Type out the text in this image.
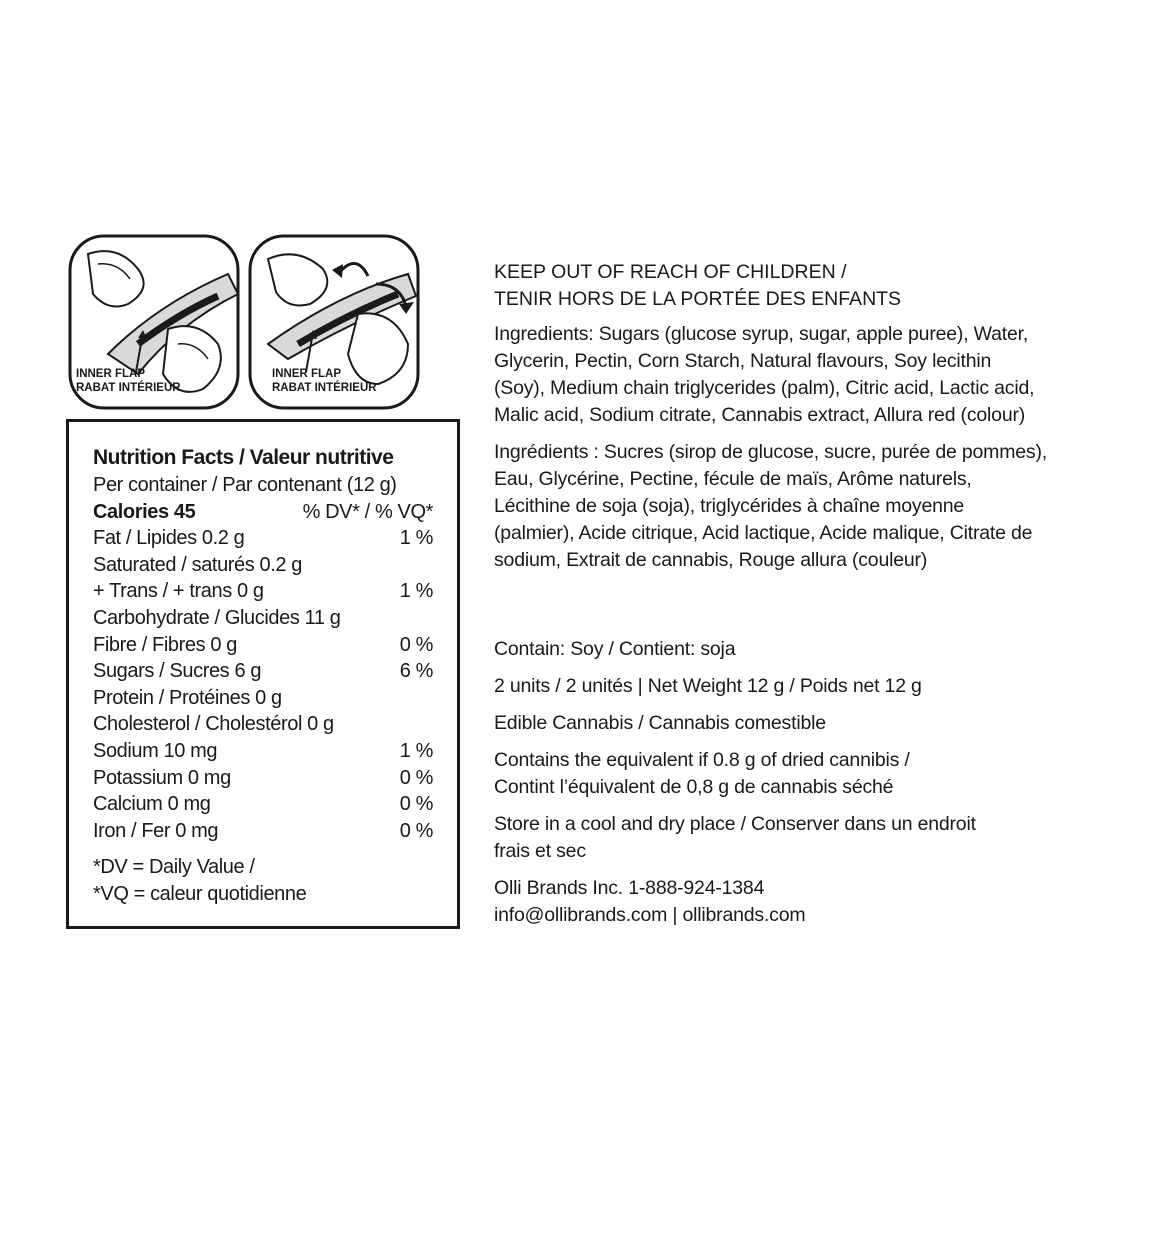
INNER FLAP
RABAT INTÉRIEUR
INNER FLAP
RABAT INTÉRIEUR
Nutrition Facts / Valeur nutritive
Per container / Par contenant (12 g)
Calories 45	% DV* / % VQ*
Fat / Lipides 0.2 g	1 %
Saturated / saturés 0.2 g
+ Trans / + trans 0 g	1 %
Carbohydrate / Glucides 11 g
Fibre / Fibres 0 g	0 %
Sugars / Sucres 6 g	6 %
Protein / Protéines 0 g
Cholesterol / Cholestérol 0 g
Sodium 10 mg	1 %
Potassium 0 mg	0 %
Calcium 0 mg	0 %
Iron / Fer 0 mg	0 %
*DV = Daily Value /
*VQ = caleur quotidienne

KEEP OUT OF REACH OF CHILDREN /

TENIR HORS DE LA PORTÉE DES ENFANTS

Ingredients: Sugars (glucose syrup, sugar, apple puree), Water,

Glycerin, Pectin, Corn Starch, Natural flavours, Soy lecithin

(Soy), Medium chain triglycerides (palm), Citric acid, Lactic acid,

Malic acid, Sodium citrate, Cannabis extract, Allura red (colour)

Ingrédients : Sucres (sirop de glucose, sucre, purée de pommes),

Eau, Glycérine, Pectine, fécule de maïs, Arôme naturels,

Lécithine de soja (soja), triglycérides à chaîne moyenne

(palmier), Acide citrique, Acid lactique, Acide malique, Citrate de

sodium, Extrait de cannabis, Rouge allura (couleur)

Contain: Soy / Contient: soja

2 units / 2 unités | Net Weight 12 g / Poids net 12 g

Edible Cannabis / Cannabis comestible

Contains the equivalent if 0.8 g of dried cannibis /

Contint l’équivalent de 0,8 g de cannabis séché

Store in a cool and dry place / Conserver dans un endroit

frais et sec

Olli Brands Inc. 1-888-924-1384

info@ollibrands.com | ollibrands.com
